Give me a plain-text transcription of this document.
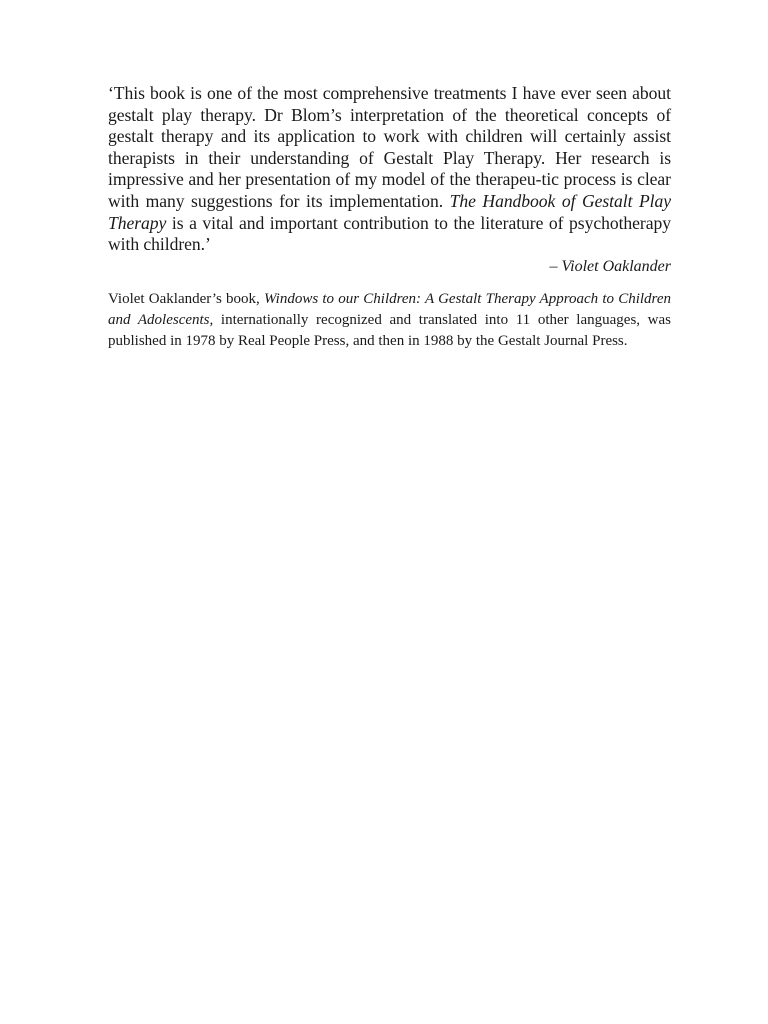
‘This book is one of the most comprehensive treatments I have ever seen about gestalt play therapy. Dr Blom’s interpretation of the theoretical concepts of gestalt therapy and its application to work with children will certainly assist therapists in their understanding of Gestalt Play Therapy. Her research is impressive and her presentation of my model of the therapeu-tic process is clear with many suggestions for its implementation. The Handbook of Gestalt Play Therapy is a vital and important contribution to the literature of psychotherapy with children.’

– Violet Oaklander

Violet Oaklander’s book, Windows to our Children: A Gestalt Therapy Approach to Children and Adolescents, internationally recognized and translated into 11 other languages, was published in 1978 by Real People Press, and then in 1988 by the Gestalt Journal Press.
